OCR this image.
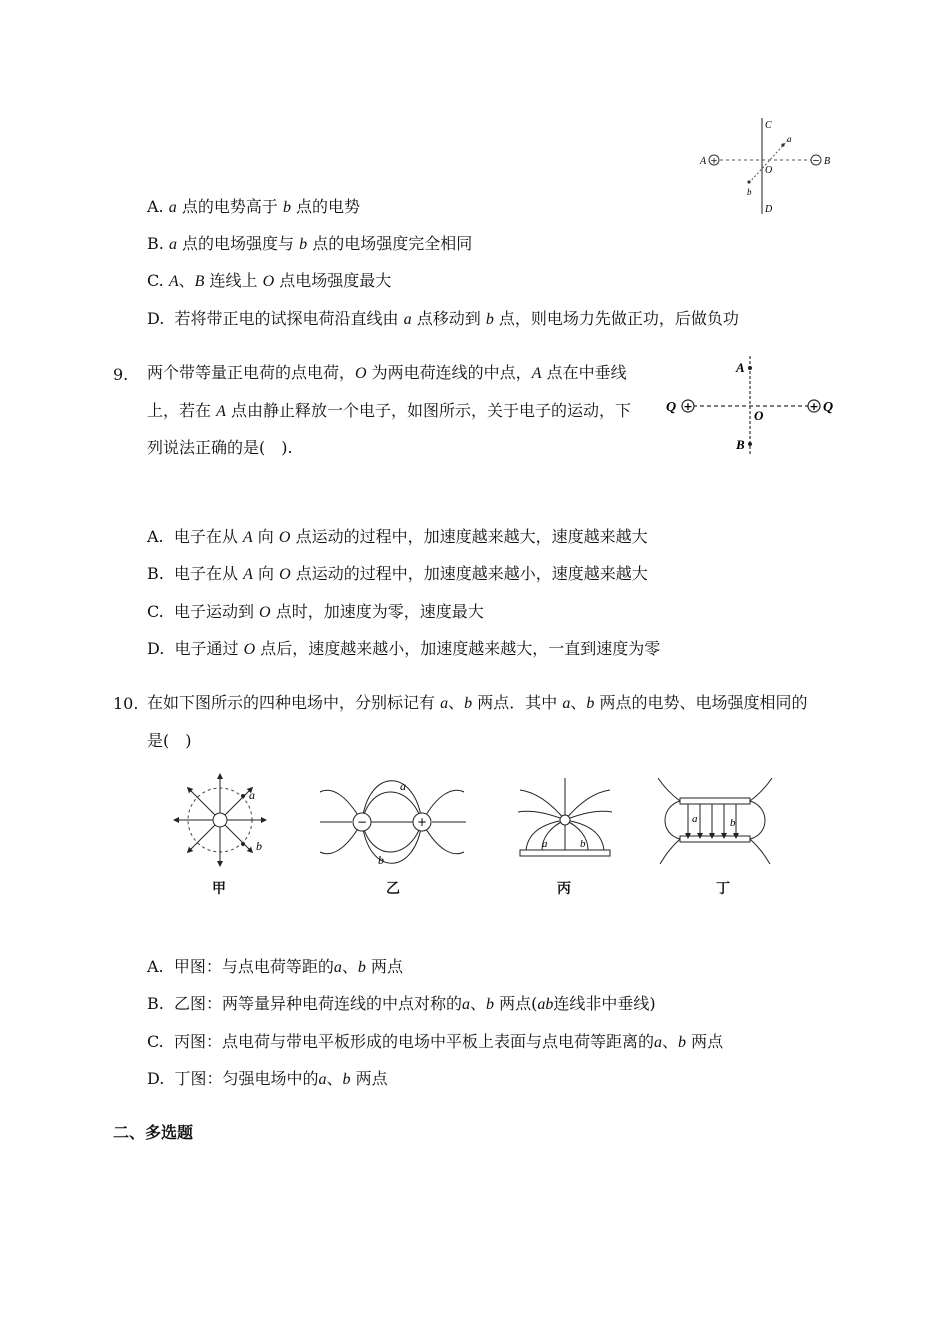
+	−
A	B
C
D
O
a
b
A. a 点的电势高于 b 点的电势
B. a 点的电场强度与 b 点的电场强度完全相同
C. A、B 连线上 O 点电场强度最大
D. 若将带正电的试探电荷沿直线由 a 点移动到 b 点，则电场力先做正功，后做负功
9. 两个带等量正电荷的点电荷，O 为两电荷连线的中点，A 点在中垂线
上，若在 A 点由静止释放一个电子，如图所示，关于电子的运动，下
列说法正确的是(　).
+	+
Q	Q
A
B
O
A. 电子在从 A 向 O 点运动的过程中，加速度越来越大，速度越来越大
B. 电子在从 A 向 O 点运动的过程中，加速度越来越小，速度越来越大
C. 电子运动到 O 点时，加速度为零，速度最大
D. 电子通过 O 点后，速度越来越小，加速度越来越大，一直到速度为零
10. 在如下图所示的四种电场中，分别标记有 a、b 两点．其中 a、b 两点的电势、电场强度相同的
是(　)
a
b
−	+
a
b
a	b
a	b
甲	乙	丙	丁
A. 甲图：与点电荷等距的a、b 两点
B. 乙图：两等量异种电荷连线的中点对称的a、b 两点(ab连线非中垂线)
C. 丙图：点电荷与带电平板形成的电场中平板上表面与点电荷等距离的a、b 两点
D. 丁图：匀强电场中的a、b 两点
二、多选题
